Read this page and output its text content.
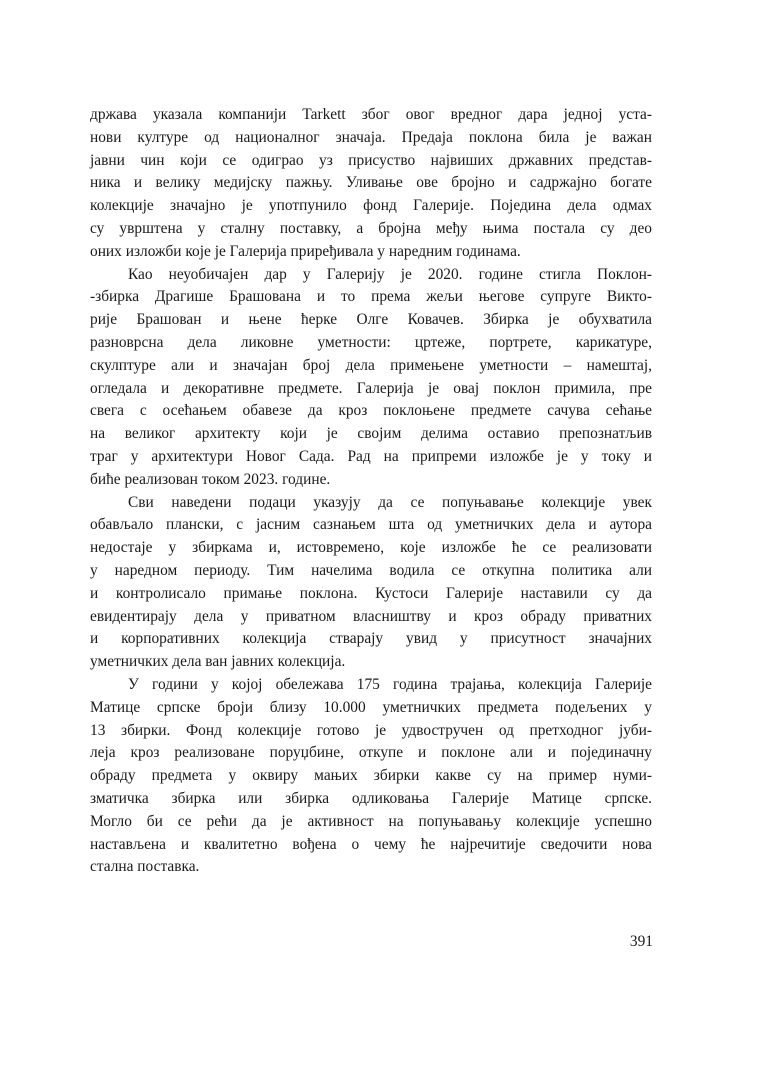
држава указала компанији Tarkett због овог вредног дара једној уста-
нови културе од националног значаја. Предаја поклона била је важан
јавни чин који се одиграо уз присуство највиших државних представ-
ника и велику медијску пажњу. Уливање ове бројно и садржајно богате
колекције значајно је употпунило фонд Галерије. Поједина дела одмах
су уврштена у сталну поставку, а бројна међу њима постала су део
оних изложби које је Галерија приређивала у наредним годинама.
Као неуобичајен дар у Галерију је 2020. године стигла Поклон-
-збирка Драгише Брашована и то према жељи његове супруге Викто-
рије Брашован и њене ћерке Олге Ковачев. Збирка је обухватила
разноврсна дела ликовне уметности: цртеже, портрете, карикатуре,
скулптуре али и значајан број дела примењене уметности – намештај,
огледала и декоративне предмете. Галерија је овај поклон примила, пре
свега с осећањем обавезе да кроз поклоњене предмете сачува сећање
на великог архитекту који је својим делима оставио препознатљив
траг у архитектури Новог Сада. Рад на припреми изложбе је у току и
биће реализован током 2023. године.
Сви наведени подаци указују да се попуњавање колекције увек
обављало плански, с јасним сазнањем шта од уметничких дела и аутора
недостаје у збиркама и, истовремено, које изложбе ће се реализовати
у наредном периоду. Тим начелима водила се откупна политика али
и контролисало примање поклона. Кустоси Галерије наставили су да
евидентирају дела у приватном власништву и кроз обраду приватних
и корпоративних колекција стварају увид у присутност значајних
уметничких дела ван јавних колекција.
У години у којој обележава 175 година трајања, колекција Галерије
Матице српске броји близу 10.000 уметничких предмета подељених у
13 збирки. Фонд колекције готово је удвостручен од претходног јуби-
леја кроз реализоване поруџбине, откупе и поклоне али и појединачну
обраду предмета у оквиру мањих збирки какве су на пример нуми-
зматичка збирка или збирка одликовања Галерије Матице српске.
Могло би се рећи да је активност на попуњавању колекције успешно
настављена и квалитетно вођена о чему ће најречитије сведочити нова
стална поставка.
391
